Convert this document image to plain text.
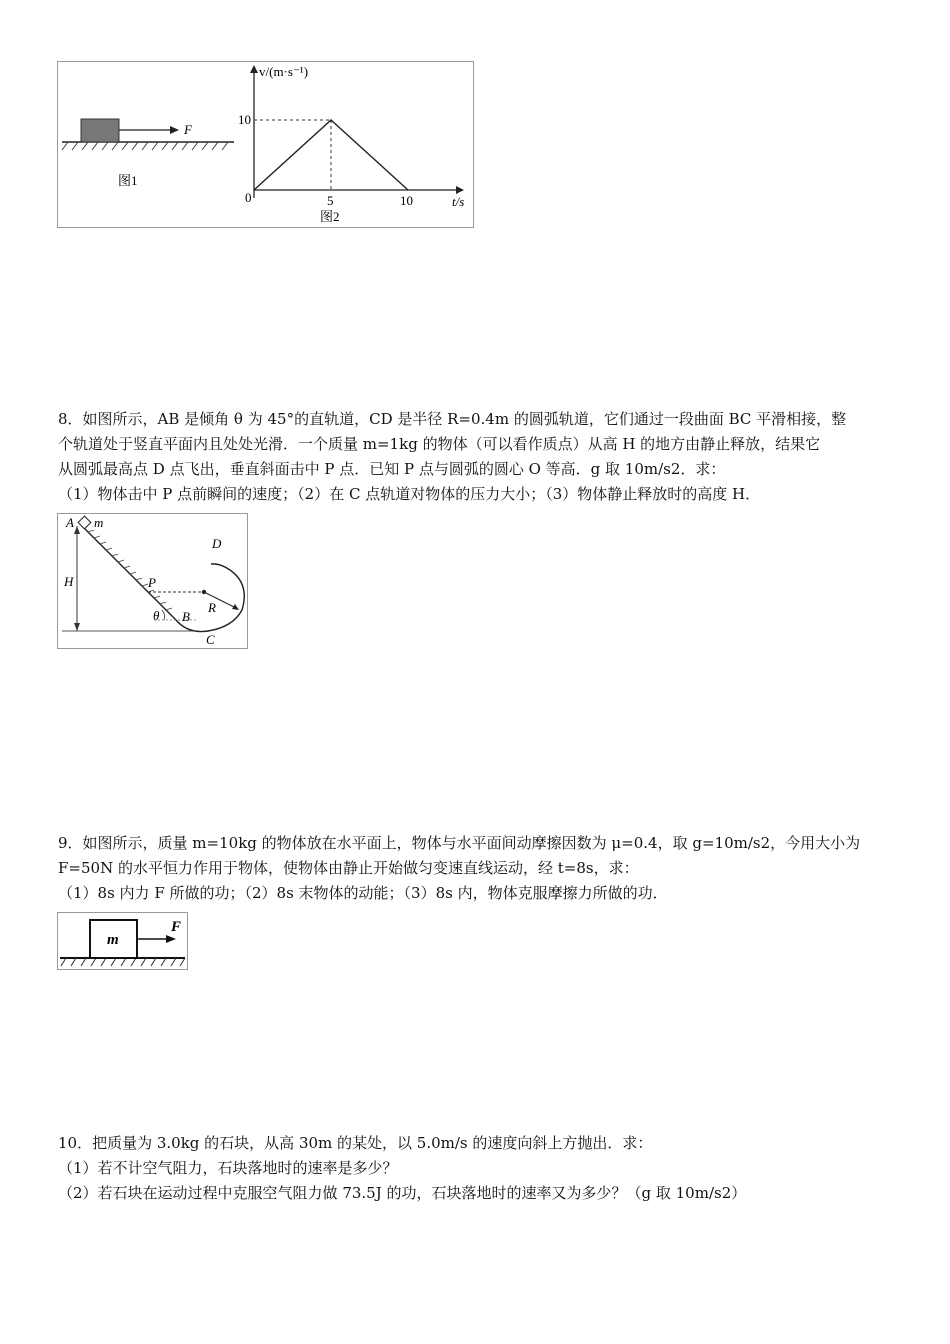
F
图1
v/(m·s⁻¹)
t/s
0
10
5	10
图2
8．如图所示，AB 是倾角 θ 为 45°的直轨道，CD 是半径 R=0.4m 的圆弧轨道，它们通过一段曲面 BC 平滑相接，整
个轨道处于竖直平面内且处处光滑．一个质量 m=1kg 的物体（可以看作质点）从高 H 的地方由静止释放，结果它
从圆弧最高点 D 点飞出，垂直斜面击中 P 点．已知 P 点与圆弧的圆心 O 等高．g 取 10m/s2．求：
（1）物体击中 P 点前瞬间的速度；（2）在 C 点轨道对物体的压力大小；（3）物体静止释放时的高度 H．
A m
D
H	P
R
θ B
C
9．如图所示，质量 m=10kg 的物体放在水平面上，物体与水平面间动摩擦因数为 μ=0.4，取 g=10m/s2，今用大小为
F=50N 的水平恒力作用于物体，使物体由静止开始做匀变速直线运动，经 t=8s，求：
（1）8s 内力 F 所做的功；（2）8s 末物体的动能；（3）8s 内，物体克服摩擦力所做的功．
m
F
10．把质量为 3.0kg 的石块，从高 30m 的某处，以 5.0m/s 的速度向斜上方抛出．求：
（1）若不计空气阻力，石块落地时的速率是多少？
（2）若石块在运动过程中克服空气阻力做 73.5J 的功，石块落地时的速率又为多少？（g 取 10m/s2）
